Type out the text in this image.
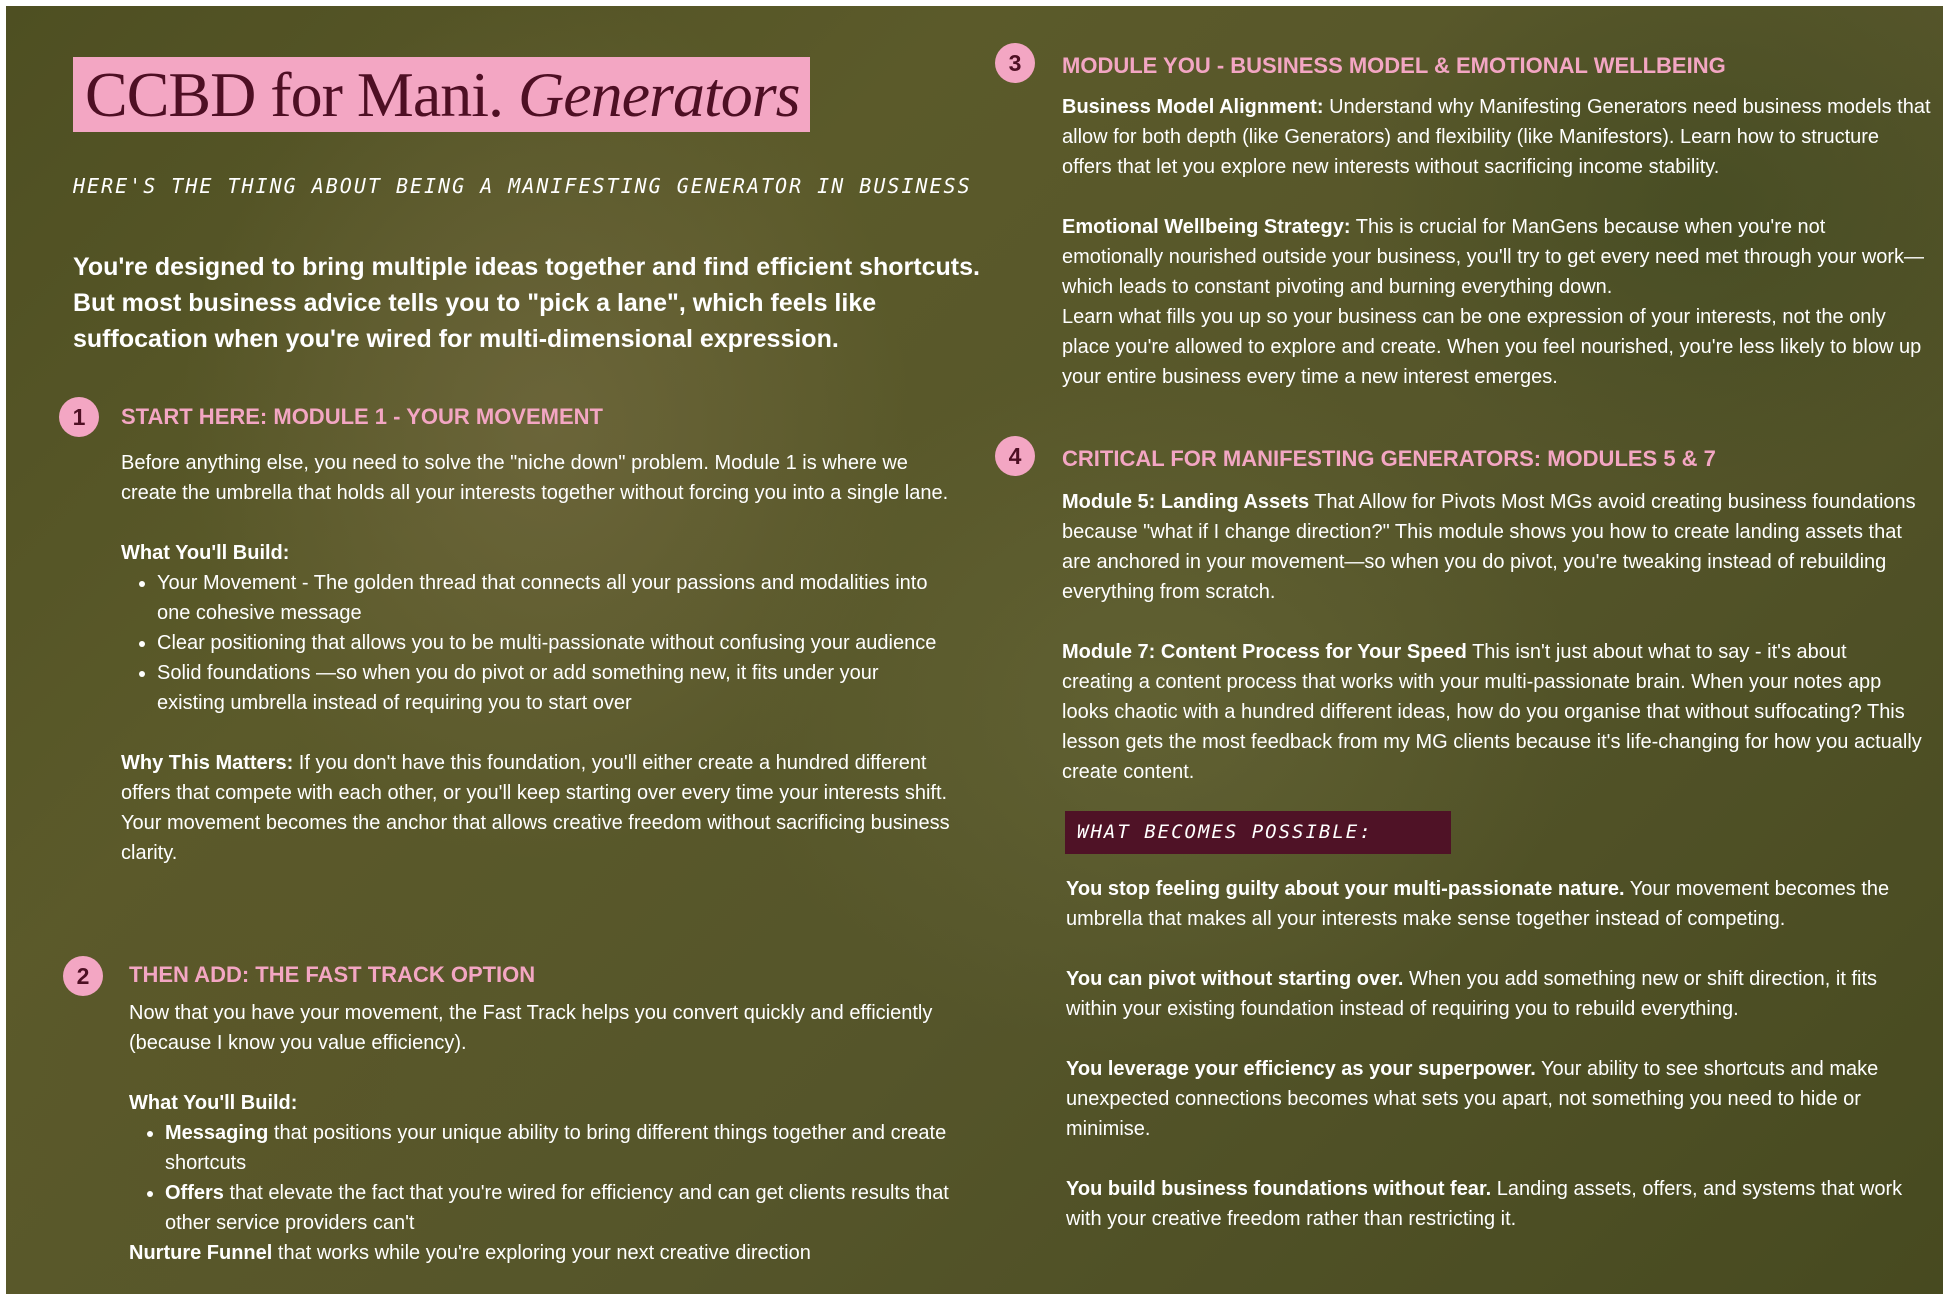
CCBD for Mani. Generators
HERE'S THE THING ABOUT BEING A MANIFESTING GENERATOR IN BUSINESS
You're designed to bring multiple ideas together and find efficient shortcuts. But most business advice tells you to "pick a lane", which feels like suffocation when you're wired for multi-dimensional expression.
1	START HERE: MODULE 1 - YOUR MOVEMENT

Before anything else, you need to solve the "niche down" problem. Module 1 is where we create the umbrella that holds all your interests together without forcing you into a single lane.

What You'll Build:

• Your Movement - The golden thread that connects all your passions and modalities into one cohesive message
• Clear positioning that allows you to be multi-passionate without confusing your audience
• Solid foundations —so when you do pivot or add something new, it fits under your existing umbrella instead of requiring you to start over

Why This Matters: If you don't have this foundation, you'll either create a hundred different offers that compete with each other, or you'll keep starting over every time your interests shift. Your movement becomes the anchor that allows creative freedom without sacrificing business clarity.

2	THEN ADD: THE FAST TRACK OPTION

Now that you have your movement, the Fast Track helps you convert quickly and efficiently (because I know you value efficiency).

What You'll Build:

• Messaging that positions your unique ability to bring different things together and create shortcuts
• Offers that elevate the fact that you're wired for efficiency and can get clients results that other service providers can't

Nurture Funnel that works while you're exploring your next creative direction

3	MODULE YOU - BUSINESS MODEL & EMOTIONAL WELLBEING

Business Model Alignment: Understand why Manifesting Generators need business models that allow for both depth (like Generators) and flexibility (like Manifestors). Learn how to structure offers that let you explore new interests without sacrificing income stability.

Emotional Wellbeing Strategy: This is crucial for ManGens because when you're not emotionally nourished outside your business, you'll try to get every need met through your work—which leads to constant pivoting and burning everything down.

Learn what fills you up so your business can be one expression of your interests, not the only place you're allowed to explore and create. When you feel nourished, you're less likely to blow up your entire business every time a new interest emerges.

4	CRITICAL FOR MANIFESTING GENERATORS: MODULES 5 & 7

Module 5: Landing Assets That Allow for Pivots Most MGs avoid creating business foundations because "what if I change direction?" This module shows you how to create landing assets that are anchored in your movement—so when you do pivot, you're tweaking instead of rebuilding everything from scratch.

Module 7: Content Process for Your Speed This isn't just about what to say - it's about creating a content process that works with your multi-passionate brain. When your notes app looks chaotic with a hundred different ideas, how do you organise that without suffocating? This lesson gets the most feedback from my MG clients because it's life-changing for how you actually create content.

WHAT BECOMES POSSIBLE:

You stop feeling guilty about your multi-passionate nature. Your movement becomes the umbrella that makes all your interests make sense together instead of competing.

You can pivot without starting over. When you add something new or shift direction, it fits within your existing foundation instead of requiring you to rebuild everything.

You leverage your efficiency as your superpower. Your ability to see shortcuts and make unexpected connections becomes what sets you apart, not something you need to hide or minimise.

You build business foundations without fear. Landing assets, offers, and systems that work with your creative freedom rather than restricting it.
